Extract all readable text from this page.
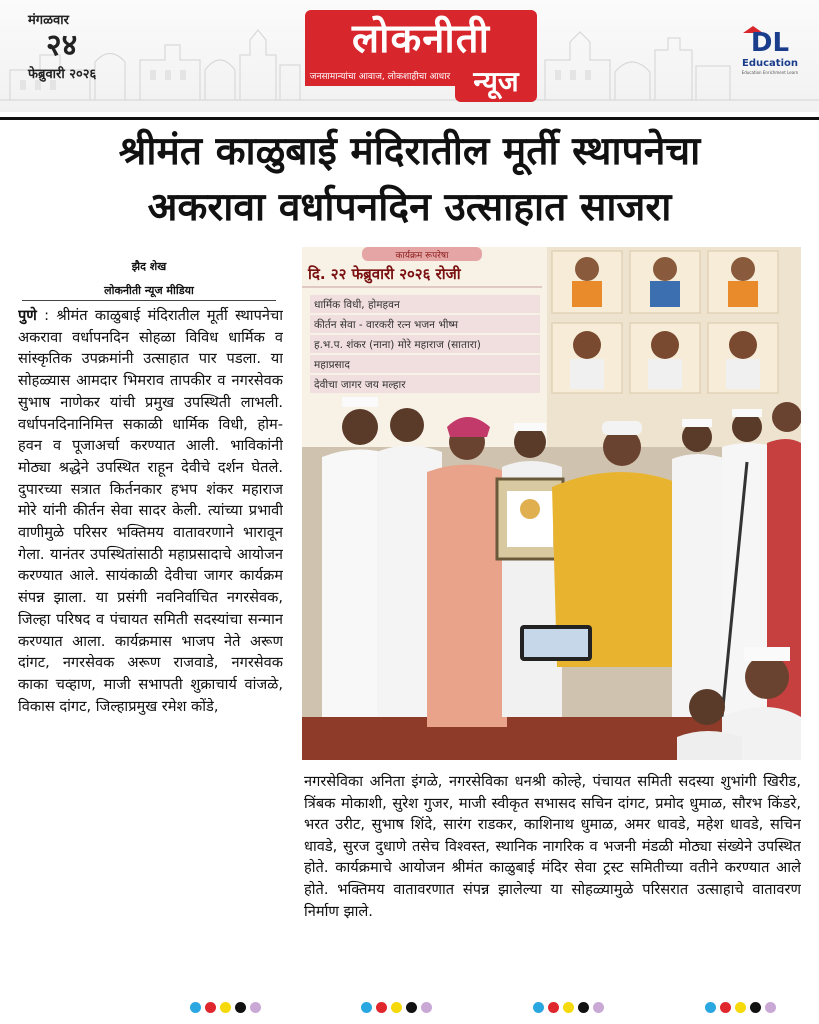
मंगळवार
२४
फेब्रुवारी २०२६
लोकनीती
जनसामान्यांचा आवाज, लोकशाहीचा आधार न्यूज
DL
Education
Education Enrichment Learn
श्रीमंत काळुबाई मंदिरातील मूर्ती स्थापनेचा
अकरावा वर्धापनदिन उत्साहात साजरा
झैद शेख
लोकनीती न्यूज मीडिया

पुणे : श्रीमंत काळुबाई मंदिरातील मूर्ती स्थापनेचा अकरावा वर्धापनदिन सोहळा विविध धार्मिक व सांस्कृतिक उपक्रमांनी उत्साहात पार पडला. या सोहळ्यास आमदार भिमराव तापकीर व नगरसेवक सुभाष नाणेकर यांची प्रमुख उपस्थिती लाभली. वर्धापनदिनानिमित्त सकाळी धार्मिक विधी, होम-हवन व पूजाअर्चा करण्यात आली. भाविकांनी मोठ्या श्रद्धेने उपस्थित राहून देवीचे दर्शन घेतले. दुपारच्या सत्रात किर्तनकार हभप शंकर महाराज मोरे यांनी कीर्तन सेवा सादर केली. त्यांच्या प्रभावी वाणीमुळे परिसर भक्तिमय वातावरणाने भारावून गेला. यानंतर उपस्थितांसाठी महाप्रसादाचे आयोजन करण्यात आले. सायंकाळी देवीचा जागर कार्यक्रम संपन्न झाला. या प्रसंगी नवनिर्वाचित नगरसेवक, जिल्हा परिषद व पंचायत समिती सदस्यांचा सन्मान करण्यात आला. कार्यक्रमास भाजप नेते अरूण दांगट, नगरसेवक अरूण राजवाडे, नगरसेवक काका चव्हाण, माजी सभापती शुक्राचार्य वांजळे, विकास दांगट, जिल्हाप्रमुख रमेश कोंडे,

कार्यक्रम रूपरेषा
दि. २२ फेब्रुवारी २०२६ रोजी
धार्मिक विधी, होमहवन
कीर्तन सेवा - वारकरी रत्न भजन भीष्म
ह.भ.प. शंकर (नाना) मोरे महाराज (सातारा)
महाप्रसाद
देवीचा जागर जय मल्हार

नगरसेविका अनिता इंगळे, नगरसेविका धनश्री कोल्हे, पंचायत समिती सदस्या शुभांगी खिरीड, त्रिंबक मोकाशी, सुरेश गुजर, माजी स्वीकृत सभासद सचिन दांगट, प्रमोद धुमाळ, सौरभ किंडरे, भरत उरीट, सुभाष शिंदे, सारंग राडकर, काशिनाथ धुमाळ, अमर धावडे, महेश धावडे, सचिन धावडे, सुरज दुधाणे तसेच विश्वस्त, स्थानिक नागरिक व भजनी मंडळी मोठ्या संख्येने उपस्थित होते. कार्यक्रमाचे आयोजन श्रीमंत काळुबाई मंदिर सेवा ट्रस्ट समितीच्या वतीने करण्यात आले होते. भक्तिमय वातावरणात संपन्न झालेल्या या सोहळ्यामुळे परिसरात उत्साहाचे वातावरण निर्माण झाले.
